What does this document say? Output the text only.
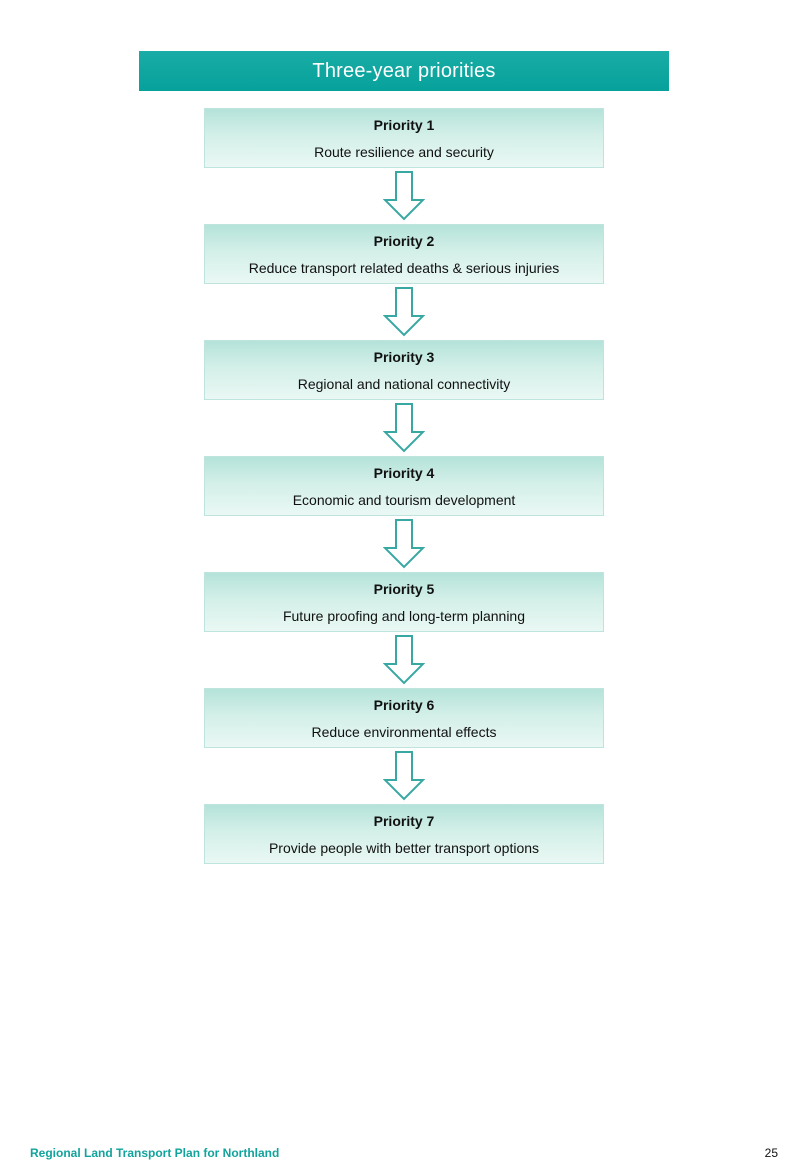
Three-year priorities
Priority 1
Route resilience and security
Priority 2
Reduce transport related deaths & serious injuries
Priority 3
Regional and national connectivity
Priority 4
Economic and tourism development
Priority 5
Future proofing and long-term planning
Priority 6
Reduce environmental effects
Priority 7
Provide people with better transport options
Regional Land Transport Plan for Northland	25
